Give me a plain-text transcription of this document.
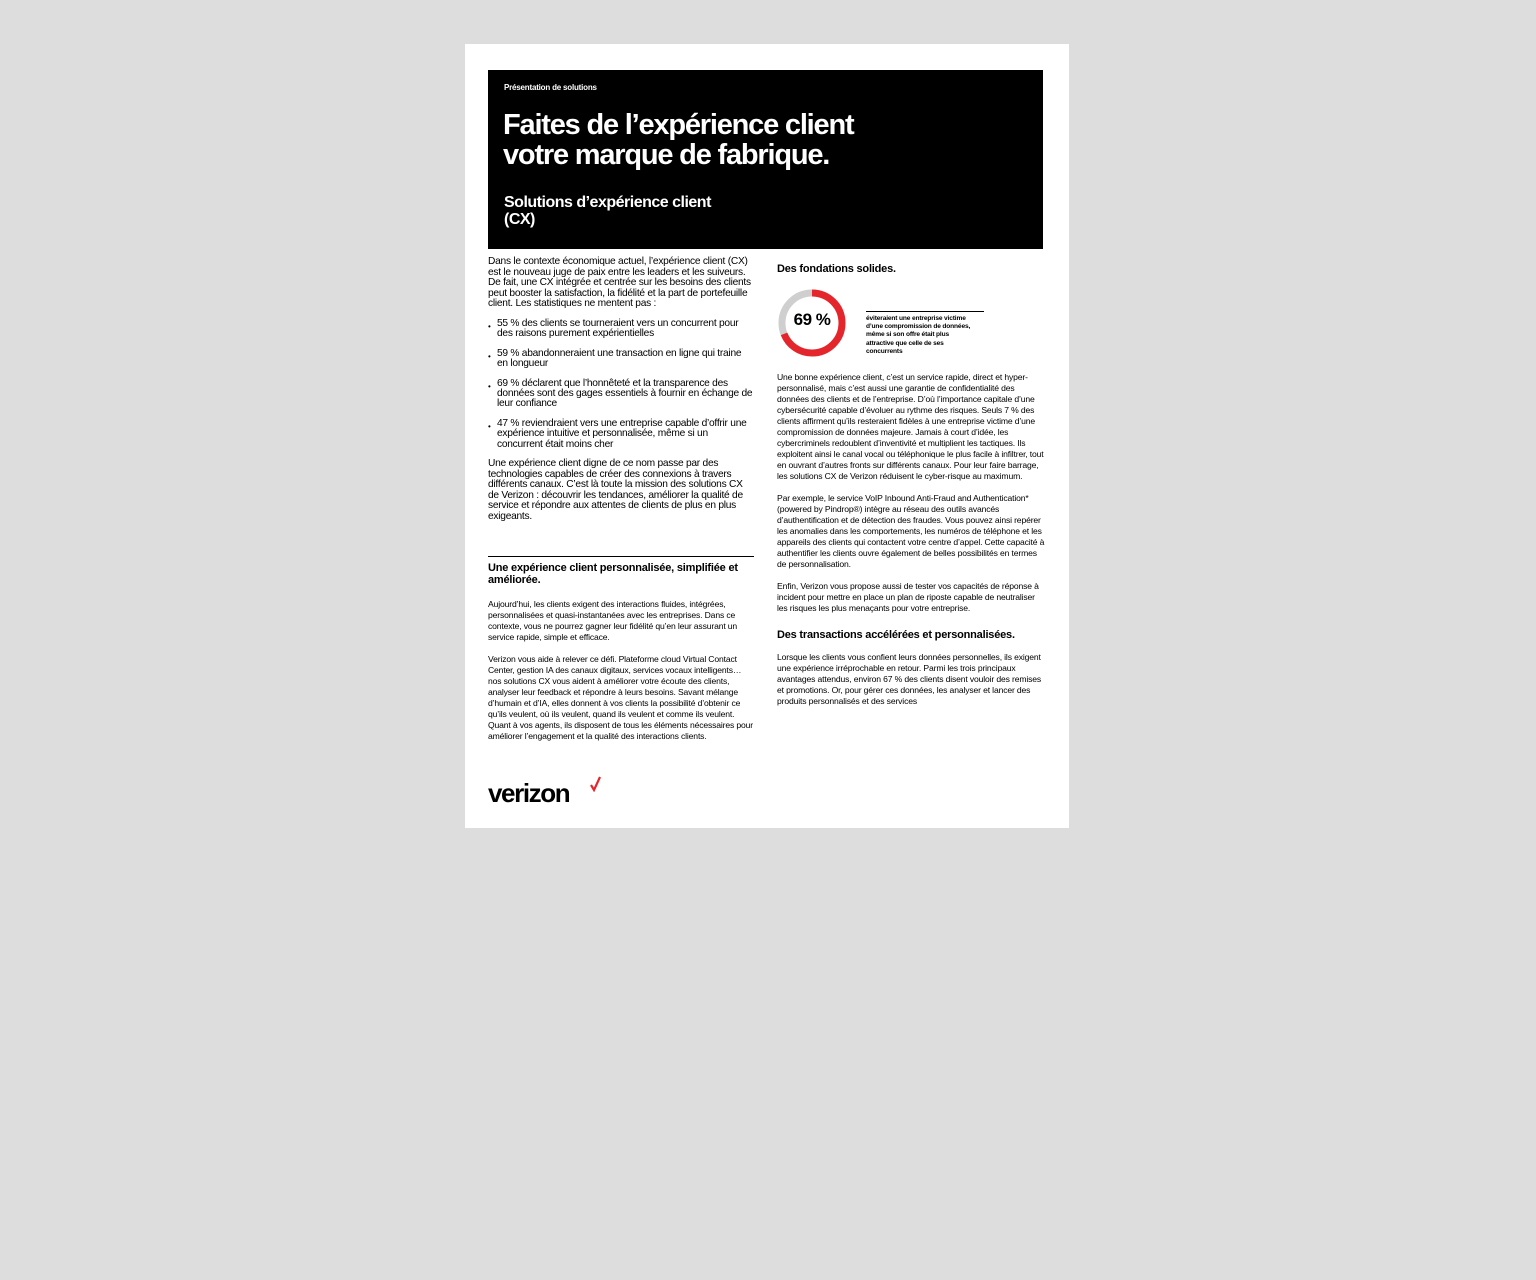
Présentation de solutions
Faites de l’expérience client votre marque de fabrique.
Solutions d’expérience client (CX)

Dans le contexte économique actuel, l’expérience client (CX) est le nouveau juge de paix entre les leaders et les suiveurs. De fait, une CX intégrée et centrée sur les besoins des clients peut booster la satisfaction, la fidélité et la part de portefeuille client. Les statistiques ne mentent pas :

• 55 % des clients se tourneraient vers un concurrent pour des raisons purement expérientielles
• 59 % abandonneraient une transaction en ligne qui traine en longueur
• 69 % déclarent que l’honnêteté et la transparence des données sont des gages essentiels à fournir en échange de leur confiance
• 47 % reviendraient vers une entreprise capable d’offrir une expérience intuitive et personnalisée, même si un concurrent était moins cher

Une expérience client digne de ce nom passe par des technologies capables de créer des connexions à travers différents canaux. C’est là toute la mission des solutions CX de Verizon : découvrir les tendances, améliorer la qualité de service et répondre aux attentes de clients de plus en plus exigeants.

Une expérience client personnalisée, simplifiée et améliorée.

Aujourd’hui, les clients exigent des interactions fluides, intégrées, personnalisées et quasi-instantanées avec les entreprises. Dans ce contexte, vous ne pourrez gagner leur fidélité qu’en leur assurant un service rapide, simple et efficace.

Verizon vous aide à relever ce défi. Plateforme cloud Virtual Contact Center, gestion IA des canaux digitaux, services vocaux intelligents… nos solutions CX vous aident à améliorer votre écoute des clients, analyser leur feedback et répondre à leurs besoins. Savant mélange d’humain et d’IA, elles donnent à vos clients la possibilité d’obtenir ce qu’ils veulent, où ils veulent, quand ils veulent et comme ils veulent. Quant à vos agents, ils disposent de tous les éléments nécessaires pour améliorer l’engagement et la qualité des interactions clients.

Des fondations solides.
69 %	éviteraient une entreprise victime d’une compromission de données, même si son offre était plus attractive que celle de ses concurrents

Une bonne expérience client, c’est un service rapide, direct et hyper-personnalisé, mais c’est aussi une garantie de confidentialité des données des clients et de l’entreprise. D’où l’importance capitale d’une cybersécurité capable d’évoluer au rythme des risques. Seuls 7 % des clients affirment qu’ils resteraient fidèles à une entreprise victime d’une compromission de données majeure. Jamais à court d’idée, les cybercriminels redoublent d’inventivité et multiplient les tactiques. Ils exploitent ainsi le canal vocal ou téléphonique le plus facile à infiltrer, tout en ouvrant d’autres fronts sur différents canaux. Pour leur faire barrage, les solutions CX de Verizon réduisent le cyber-risque au maximum.

Par exemple, le service VoIP Inbound Anti-Fraud and Authentication* (powered by Pindrop®) intègre au réseau des outils avancés d’authentification et de détection des fraudes. Vous pouvez ainsi repérer les anomalies dans les comportements, les numéros de téléphone et les appareils des clients qui contactent votre centre d’appel. Cette capacité à authentifier les clients ouvre également de belles possibilités en termes de personnalisation.

Enfin, Verizon vous propose aussi de tester vos capacités de réponse à incident pour mettre en place un plan de riposte capable de neutraliser les risques les plus menaçants pour votre entreprise.

Des transactions accélérées et personnalisées.

Lorsque les clients vous confient leurs données personnelles, ils exigent une expérience irréprochable en retour. Parmi les trois principaux avantages attendus, environ 67 % des clients disent vouloir des remises et promotions. Or, pour gérer ces données, les analyser et lancer des produits personnalisés et des services

verizon
